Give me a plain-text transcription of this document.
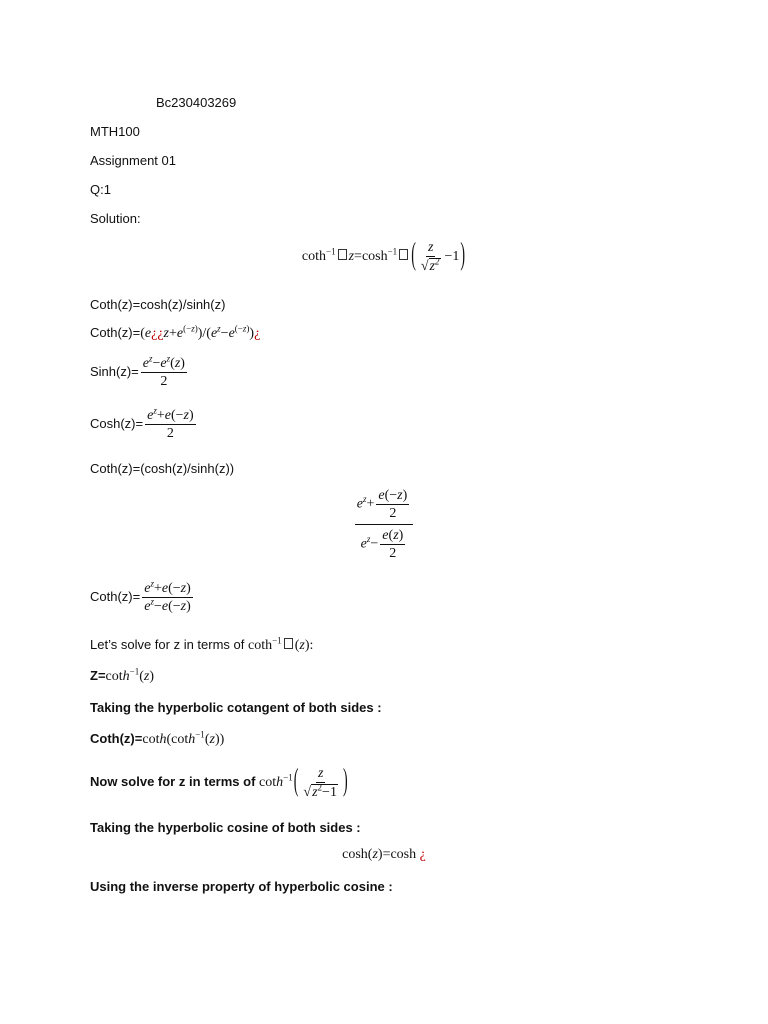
Bc230403269
MTH100
Assignment 01
Q:1
Solution:
coth$^{-1}$ $z=\cosh^{-1}$ ( $\frac{z}{√z^2} -1$)
Coth(z)=cosh(z)/sinh(z)
$Coth(z)=(e¿¿z+e^{(-z)})/(e^z-e^{(-z)})¿$
Sinh(z)= $\frac{e^z-e^z(z)}{2}$
Cosh(z)= $\frac{e^z+e(-z)}{2}$
Coth(z)=(cosh(z)/sinh(z))
$\frac{e^z+ \frac{e(-z)}{2}}{e^z- \frac{e(z)}{2}}$
Coth(z)= $\frac{e^z+e(-z)}{e^z-e(-z)}$
Let’s solve for z in terms of coth$^{-1}$ (z):
Z=coth$^{-1}$(z)
Taking the hyperbolic cotangent of both sides :
Coth(z)=coth(coth$^{-1}$(z))
Now solve for z in terms of $\cot h^{-1}( \frac{z}{√z^2-1}$ )
Taking the hyperbolic cosine of both sides :
cosh(z)=cosh ¿
Using the inverse property of hyperbolic cosine :
